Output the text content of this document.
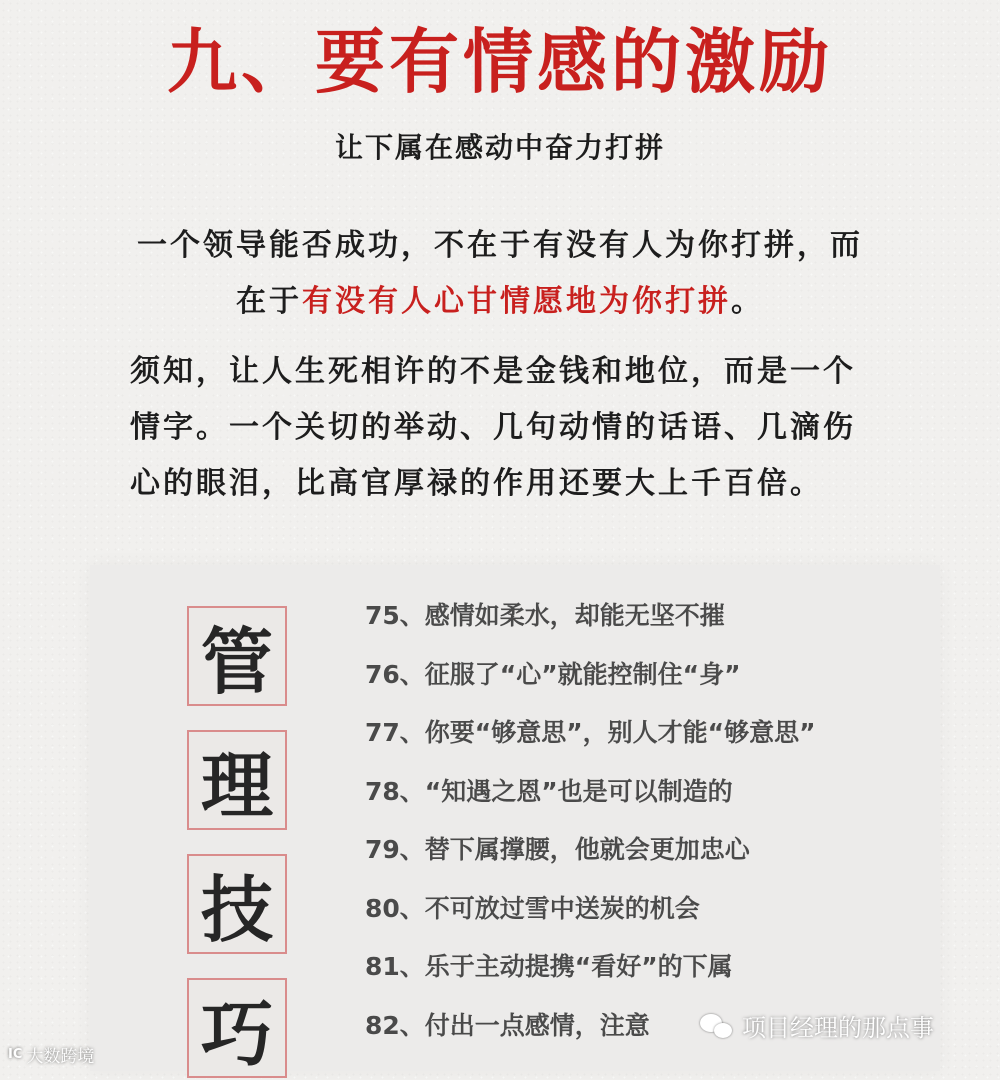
九、要有情感的激励
让下属在感动中奋力打拼

一个领导能否成功，不在于有没有人为你打拼，而在于有没有人心甘情愿地为你打拼。

须知，让人生死相许的不是金钱和地位，而是一个情字。一个关切的举动、几句动情的话语、几滴伤心的眼泪，比高官厚禄的作用还要大上千百倍。

管
理
技
巧
75、感情如柔水，却能无坚不摧
76、征服了“心”就能控制住“身”
77、你要“够意思”，别人才能“够意思”
78、“知遇之恩”也是可以制造的
79、替下属撑腰，他就会更加忠心
80、不可放过雪中送炭的机会
81、乐于主动提携“看好”的下属
82、付出一点感情，注意
IC 大数跨境
项目经理的那点事
